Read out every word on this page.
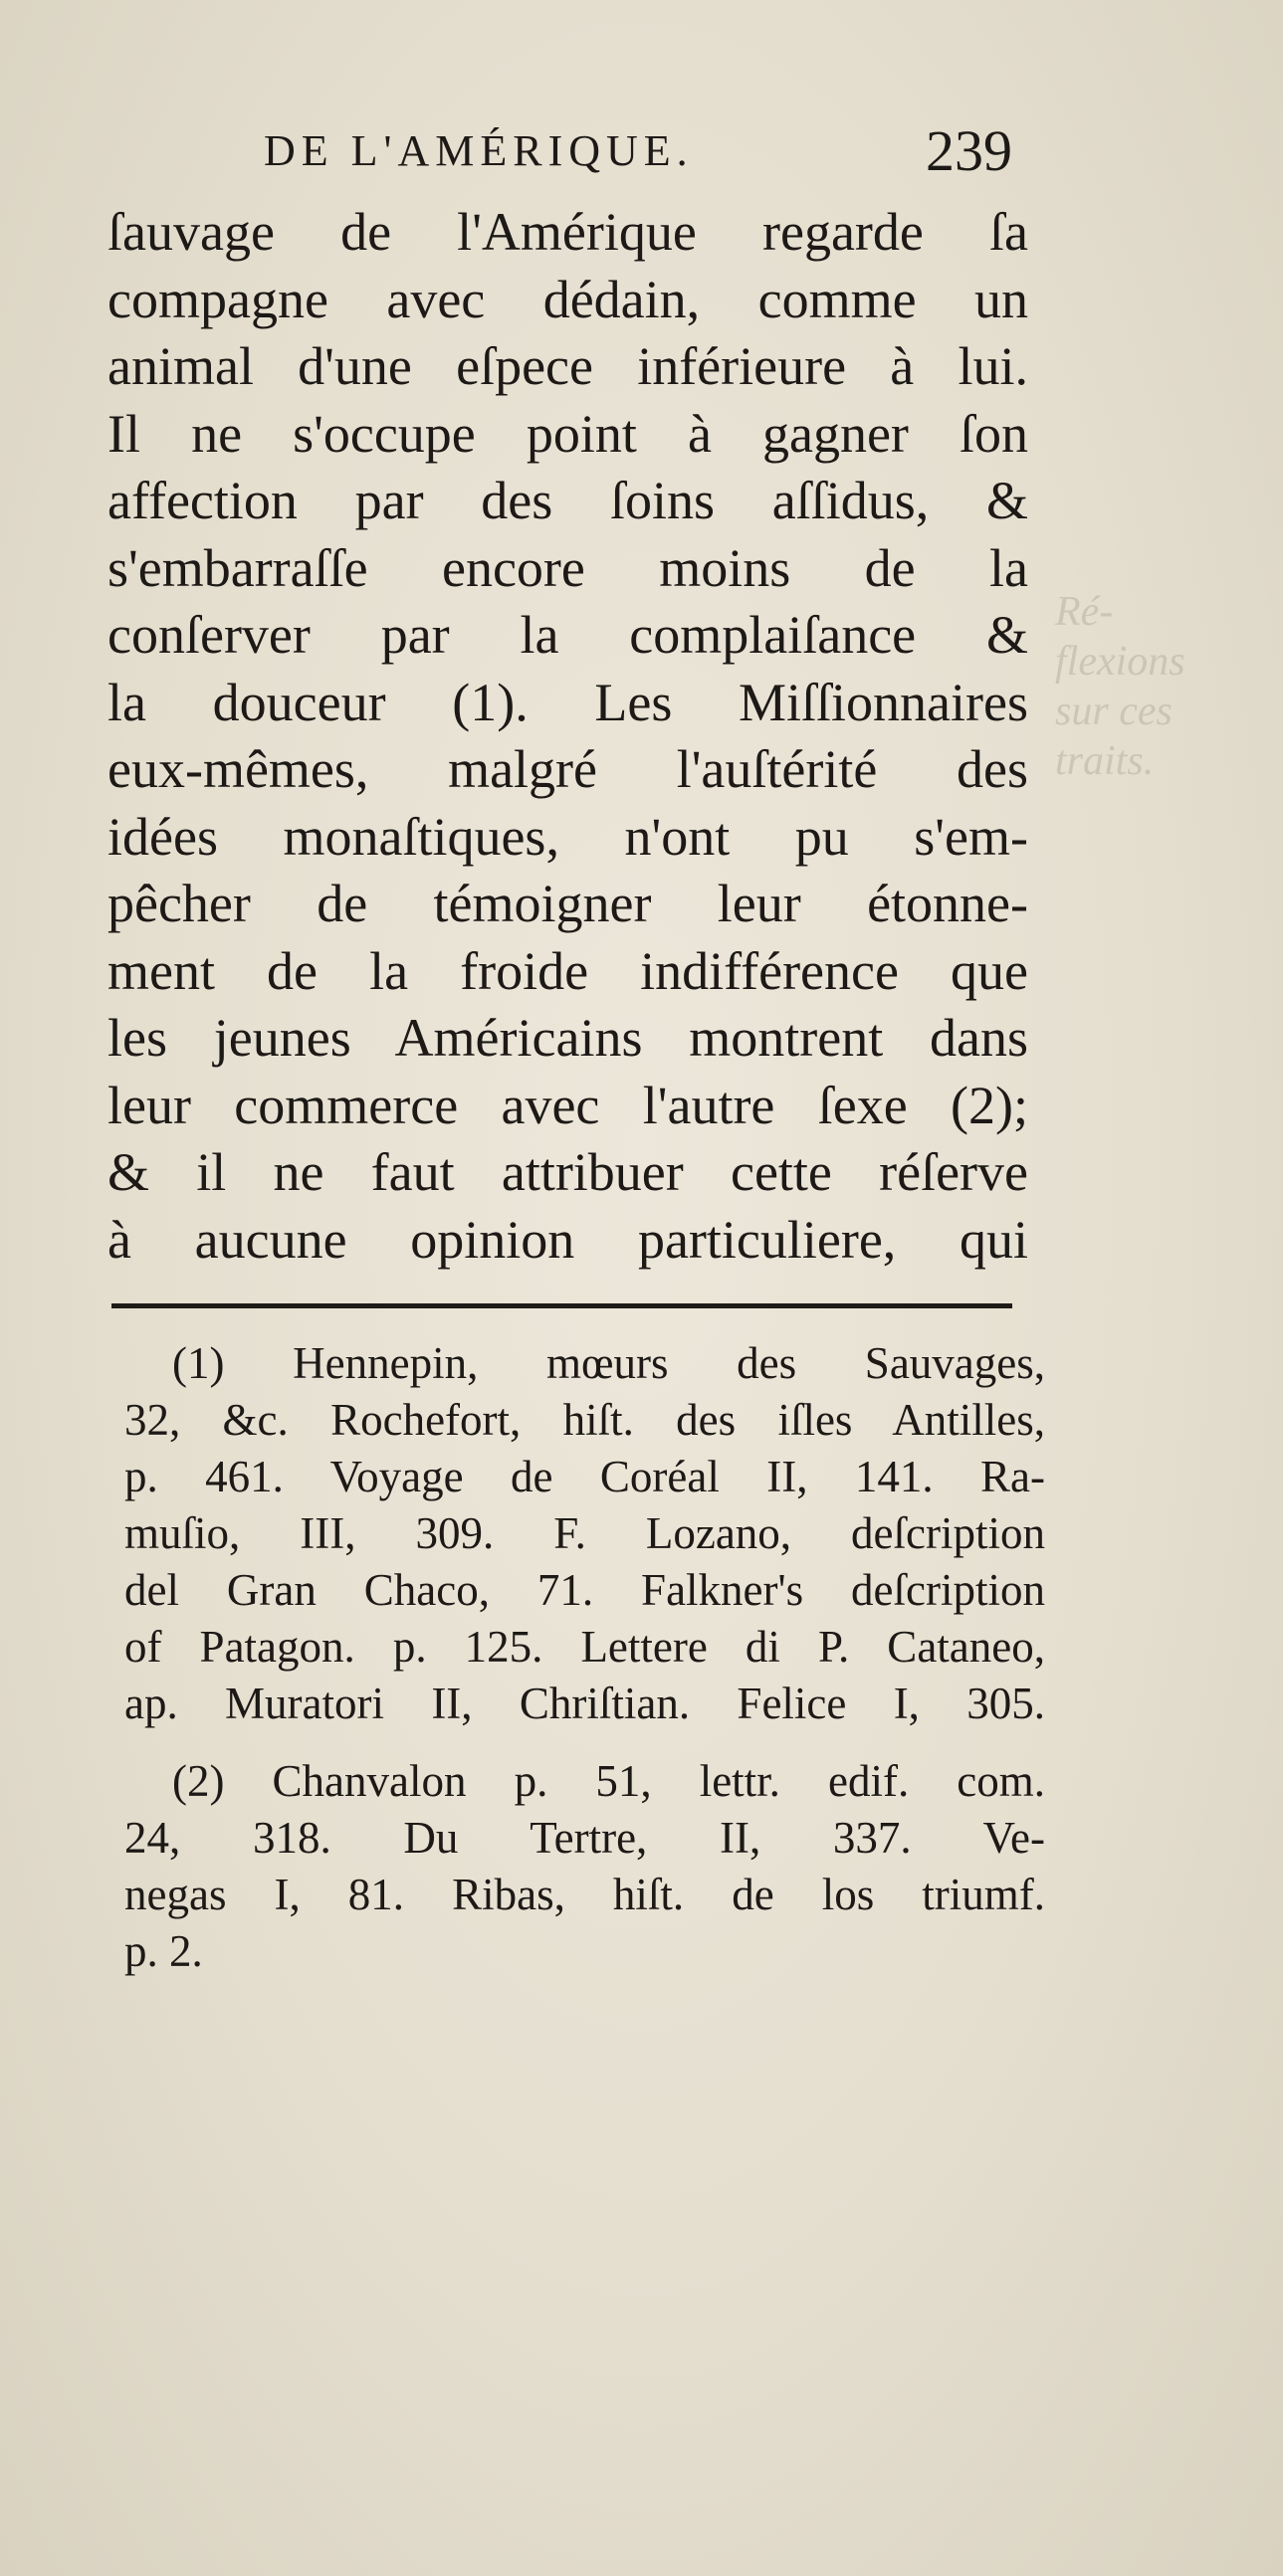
Ré-
flexions
sur ces
traits.
DE L'AMÉRIQUE.	239
ſauvage de l'Amérique regarde ſa
compagne avec dédain, comme un
animal d'une eſpece inférieure à lui.
Il ne s'occupe point à gagner ſon
affection par des ſoins aſſidus, &
s'embarraſſe encore moins de la
conſerver par la complaiſance &
la douceur (1). Les Miſſionnaires
eux-mêmes, malgré l'auſtérité des
idées monaſtiques, n'ont pu s'em-
pêcher de témoigner leur étonne-
ment de la froide indifférence que
les jeunes Américains montrent dans
leur commerce avec l'autre ſexe (2);
& il ne faut attribuer cette réſerve
à aucune opinion particuliere, qui
(1) Hennepin, mœurs des Sauvages,
32, &c. Rochefort, hiſt. des iſles Antilles,
p. 461. Voyage de Coréal II, 141. Ra-
muſio, III, 309. F. Lozano, deſcription
del Gran Chaco, 71. Falkner's deſcription
of Patagon. p. 125. Lettere di P. Cataneo,
ap. Muratori II, Chriſtian. Felice I, 305.
(2) Chanvalon p. 51, lettr. edif. com.
24, 318. Du Tertre, II, 337. Ve-
negas I, 81. Ribas, hiſt. de los triumf.
p. 2.
